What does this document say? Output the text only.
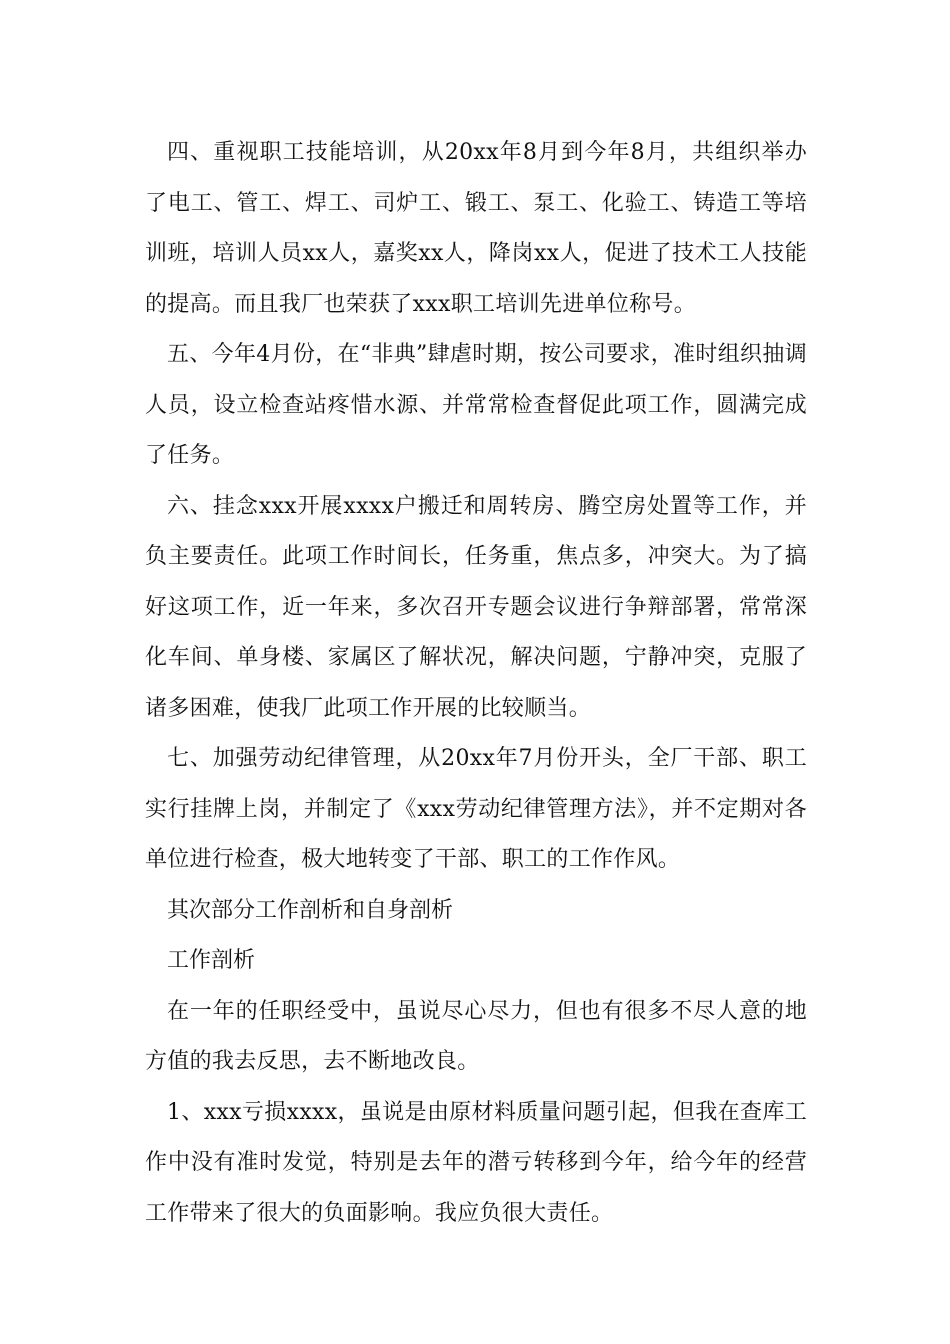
四、重视职工技能培训，从20xx年8月到今年8月，共组织举办了电工、管工、焊工、司炉工、锻工、泵工、化验工、铸造工等培训班，培训人员xx人，嘉奖xx人，降岗xx人，促进了技术工人技能的提高。而且我厂也荣获了xxx职工培训先进单位称号。

五、今年4月份，在“非典”肆虐时期，按公司要求，准时组织抽调人员，设立检查站疼惜水源、并常常检查督促此项工作，圆满完成了任务。

六、挂念xxx开展xxxx户搬迁和周转房、腾空房处置等工作，并负主要责任。此项工作时间长，任务重，焦点多，冲突大。为了搞好这项工作，近一年来，多次召开专题会议进行争辩部署，常常深化车间、单身楼、家属区了解状况，解决问题，宁静冲突，克服了诸多困难，使我厂此项工作开展的比较顺当。

七、加强劳动纪律管理，从20xx年7月份开头，全厂干部、职工实行挂牌上岗，并制定了《xxx劳动纪律管理方法》，并不定期对各单位进行检查，极大地转变了干部、职工的工作作风。

其次部分工作剖析和自身剖析

工作剖析

在一年的任职经受中，虽说尽心尽力，但也有很多不尽人意的地方值的我去反思，去不断地改良。

1、xxx亏损xxxx，虽说是由原材料质量问题引起，但我在查库工作中没有准时发觉，特别是去年的潜亏转移到今年，给今年的经营工作带来了很大的负面影响。我应负很大责任。
